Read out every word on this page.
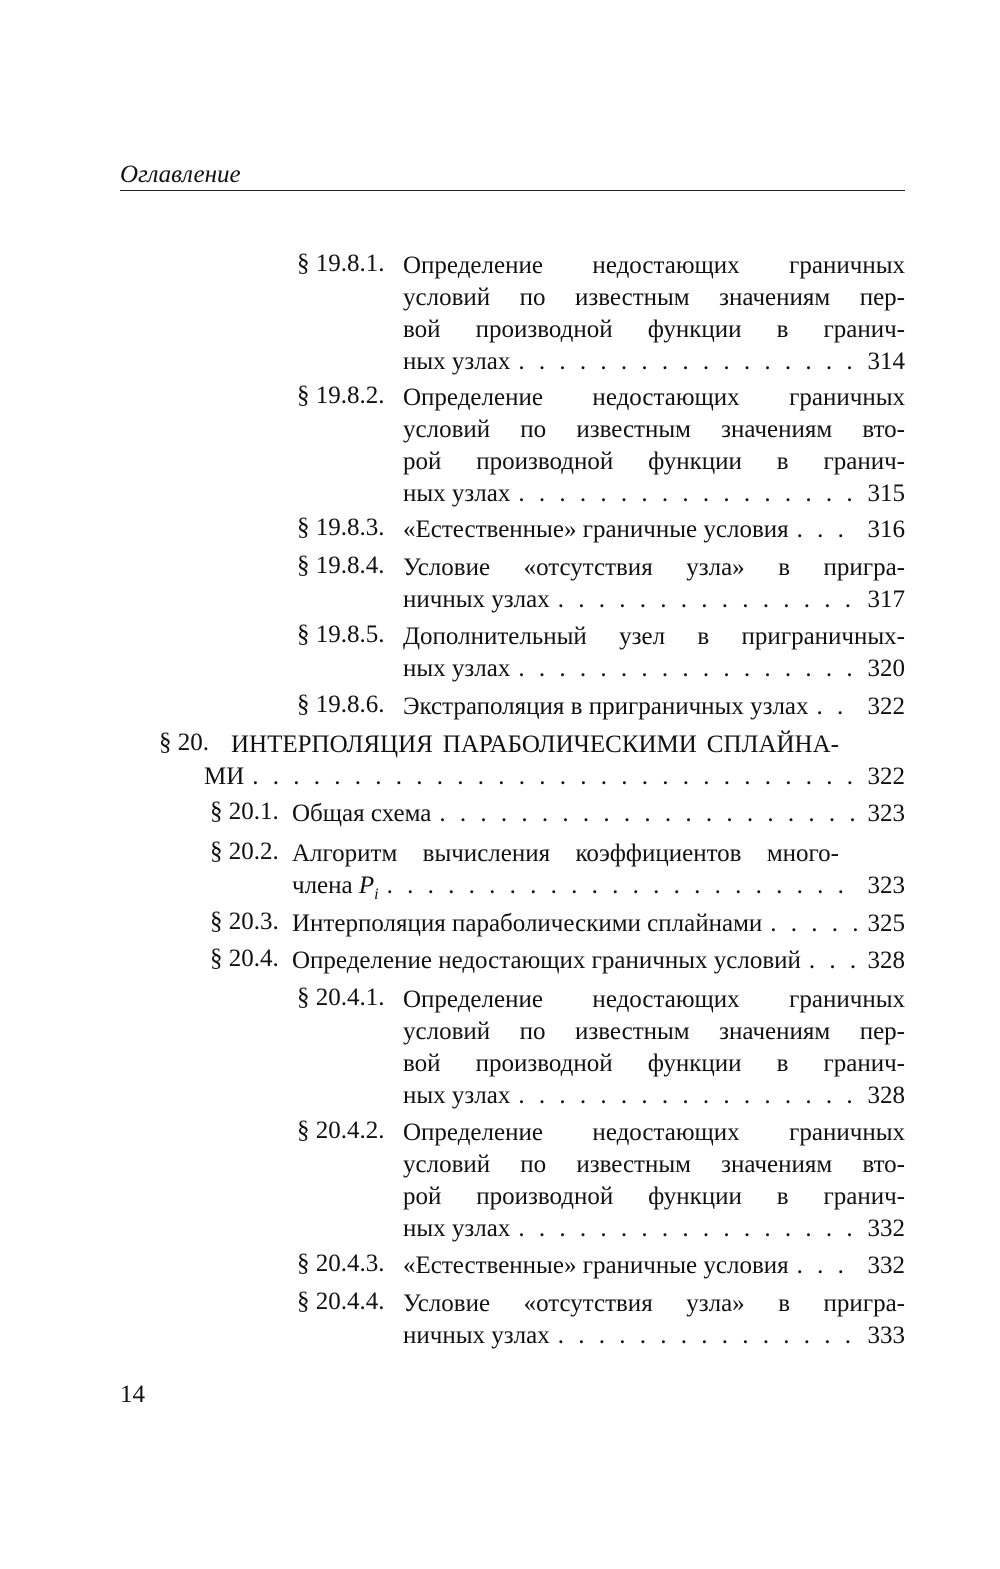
Оглавление
§ 19.8.1. Определение недостающих граничных
условий по известным значениям пер-
вой производной функции в гранич-
ных узлах . . .	314
§ 19.8.2. Определение недостающих граничных
условий по известным значениям вто-
рой производной функции в гранич-
ных узлах . . .	315
§ 19.8.3. «Естественные» граничные условия . . .	316
§ 19.8.4. Условие «отсутствия узла» в пригра-
ничных узлах . . .	317
§ 19.8.5. Дополнительный узел в приграничных-
ных узлах . . .	320
§ 19.8.6. Экстраполяция в приграничных узлах . . . 322
§ 20. ИНТЕРПОЛЯЦИЯ ПАРАБОЛИЧЕСКИМИ СПЛАЙНА-
МИ . . .	322
§ 20.1. Общая схема . . .	323
§ 20.2. Алгоритм вычисления коэффициентов много-
члена $P_i$ . . .	323
§ 20.3. Интерполяция параболическими сплайнами . . .	325
§ 20.4. Определение недостающих граничных условий . . .	328
§ 20.4.1. Определение недостающих граничных
условий по известным значениям пер-
вой производной функции в гранич-
ных узлах . . .	328
§ 20.4.2. Определение недостающих граничных
условий по известным значениям вто-
рой производной функции в гранич-
ных узлах . . .	332
§ 20.4.3. «Естественные» граничные условия . . .	332
§ 20.4.4. Условие «отсутствия узла» в пригра-
ничных узлах . . .	333
14
